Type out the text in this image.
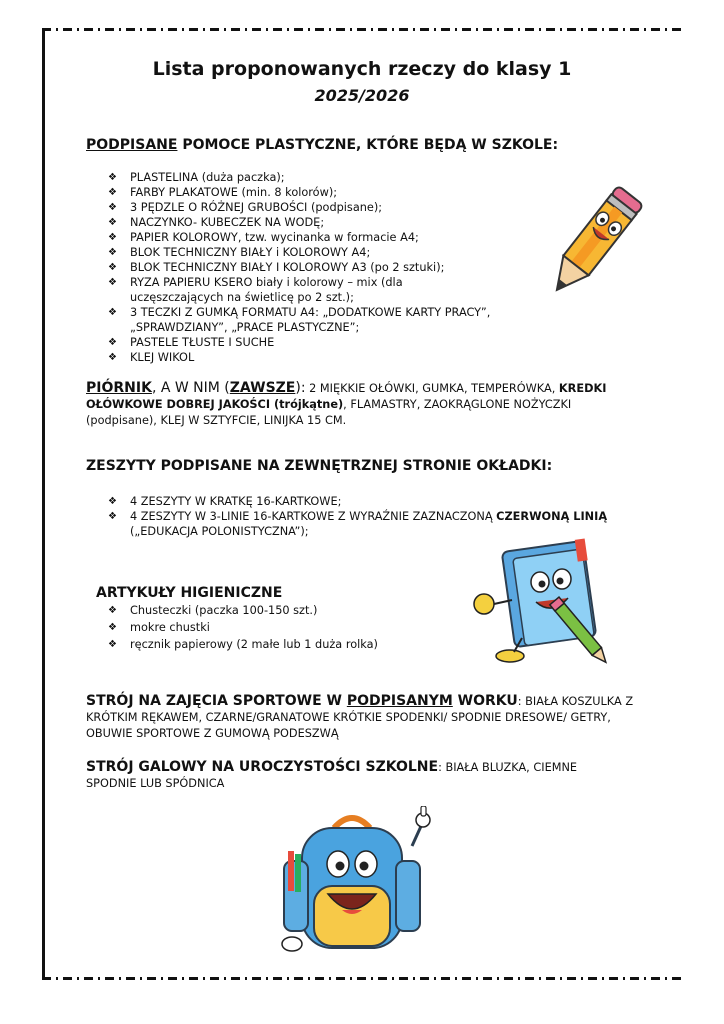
Lista proponowanych rzeczy do klasy 1
2025/2026
PODPISANE POMOCE PLASTYCZNE, KTÓRE BĘDĄ W SZKOLE:
❖ PLASTELINA (duża paczka);
❖ FARBY PLAKATOWE (min. 8 kolorów);
❖ 3 PĘDZLE O RÓŻNEJ GRUBOŚCI (podpisane);
❖ NACZYNKO- KUBECZEK NA WODĘ;
❖ PAPIER KOLOROWY, tzw. wycinanka w formacie A4;
❖ BLOK TECHNICZNY BIAŁY i KOLOROWY A4;
❖ BLOK TECHNICZNY BIAŁY I KOLOROWY A3 (po 2 sztuki);
❖ RYZA PAPIERU KSERO biały i kolorowy – mix (dla uczęszczających na świetlicę po 2 szt.);
❖ 3 TECZKI Z GUMKĄ FORMATU A4: „DODATKOWE KARTY PRACY”, „SPRAWDZIANY”, „PRACE PLASTYCZNE”;
❖ PASTELE TŁUSTE I SUCHE
❖ KLEJ WIKOL
PIÓRNIK, A W NIM (ZAWSZE): 2 MIĘKKIE OŁÓWKI, GUMKA, TEMPERÓWKA, KREDKI OŁÓWKOWE DOBREJ JAKOŚCI (trójkątne), FLAMASTRY, ZAOKRĄGLONE NOŻYCZKI (podpisane), KLEJ W SZTYFCIE, LINIJKA 15 CM.
ZESZYTY PODPISANE NA ZEWNĘTRZNEJ STRONIE OKŁADKI:
❖ 4 ZESZYTY W KRATKĘ 16-KARTKOWE;
❖ 4 ZESZYTY W 3-LINIE 16-KARTKOWE Z WYRAŹNIE ZAZNACZONĄ CZERWONĄ LINIĄ („EDUKACJA POLONISTYCZNA”);
ARTYKUŁY HIGIENICZNE
❖ Chusteczki (paczka 100-150 szt.)
❖ mokre chustki
❖ ręcznik papierowy (2 małe lub 1 duża rolka)
STRÓJ NA ZAJĘCIA SPORTOWE W PODPISANYM WORKU: BIAŁA KOSZULKA Z KRÓTKIM RĘKAWEM, CZARNE/GRANATOWE KRÓTKIE SPODENKI/ SPODNIE DRESOWE/ GETRY, OBUWIE SPORTOWE Z GUMOWĄ PODESZWĄ
STRÓJ GALOWY NA UROCZYSTOŚCI SZKOLNE: BIAŁA BLUZKA, CIEMNE SPODNIE LUB SPÓDNICA
